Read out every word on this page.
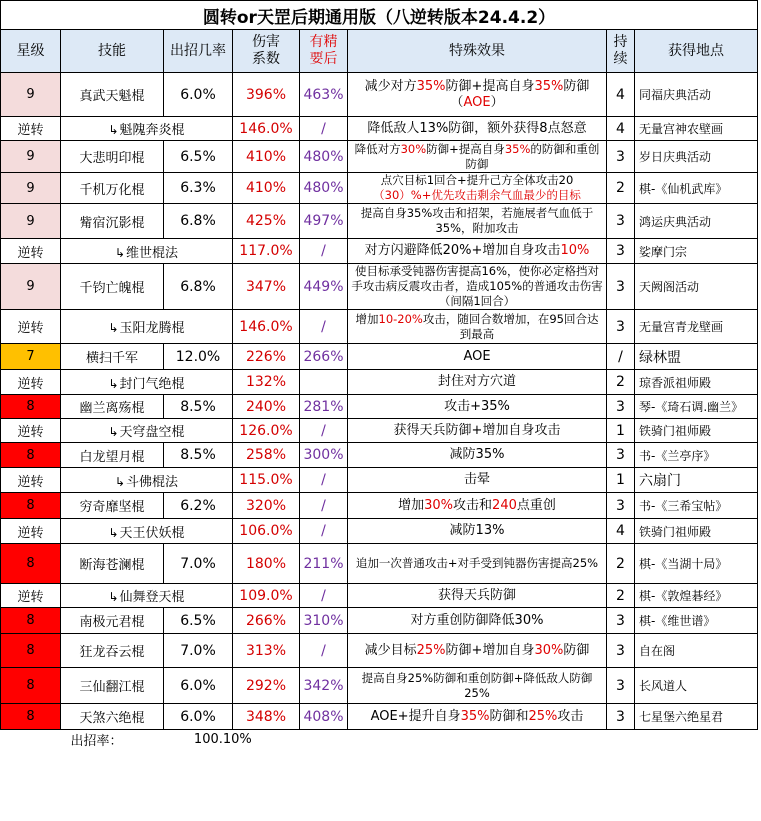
圆转or天罡后期通用版（八逆转版本24.4.2）							
星级	技能	出招几率	伤害系数	有精要后	特殊效果	持续	获得地点
9	真武天魁棍	6.0%	396%	463%	减少对方35%防御+提高自身35%防御（AOE）	4	同福庆典活动
逆转	↳魁隗奔炎棍		146.0%	/	降低敌人13%防御，额外获得8点怒意	4	无量宫神农壁画
9	大悲明印棍	6.5%	410%	480%	降低对方30%防御+提高自身35%的防御和重创防御	3	岁日庆典活动
9	千机万化棍	6.3%	410%	480%	点穴目标1回合+提升己方全体攻击20（30）%+优先攻击剩余气血最少的目标	2	棋-《仙机武库》
9	觜宿沉影棍	6.8%	425%	497%	提高自身35%攻击和招架，若施展者气血低于35%，附加攻击	3	鸿运庆典活动
逆转	↳维世棍法		117.0%	/	对方闪避降低20%+增加自身攻击10%	3	娑摩门宗
9	千钧亡魄棍	6.8%	347%	449%	使目标承受钝器伤害提高16%，使你必定格挡对手攻击病反震攻击者，造成105%的普通攻击伤害（间隔1回合）	3	天阙阁活动
逆转	↳玉阳龙腾棍		146.0%	/	增加10-20%攻击，随回合数增加，在95回合达到最高	3	无量宫青龙壁画
7	横扫千军	12.0%	226%	266%	AOE	/	绿林盟
逆转	↳封门气绝棍		132%		封住对方穴道	2	琼香派祖师殿
8	幽兰离殇棍	8.5%	240%	281%	攻击+35%	3	琴-《琦石调.幽兰》
逆转	↳天穹盘空棍		126.0%	/	获得天兵防御+增加自身攻击	1	铁骑门祖师殿
8	白龙望月棍	8.5%	258%	300%	减防35%	3	书-《兰亭序》
逆转	↳斗佛棍法		115.0%	/	击晕	1	六扇门
8	穷奇靡坚棍	6.2%	320%	/	增加30%攻击和240点重创	3	书-《三希宝帖》
逆转	↳天王伏妖棍		106.0%	/	减防13%	4	铁骑门祖师殿
8	断海苍澜棍	7.0%	180%	211%	追加一次普通攻击+对手受到钝器伤害提高25%	2	棋-《当湖十局》
逆转	↳仙舞登天棍		109.0%	/	获得天兵防御	2	棋-《敦煌碁经》
8	南极元君棍	6.5%	266%	310%	对方重创防御降低30%	3	棋-《维世谱》
8	狂龙吞云棍	7.0%	313%	/	减少目标25%防御+增加自身30%防御	3	自在阁
8	三仙翻江棍	6.0%	292%	342%	提高自身25%防御和重创防御+降低敌人防御25%	3	长风道人
8	天煞六绝棍	6.0%	348%	408%	AOE+提升自身35%防御和25%攻击	3	七星堡六绝星君
	出招率：	100.10%
